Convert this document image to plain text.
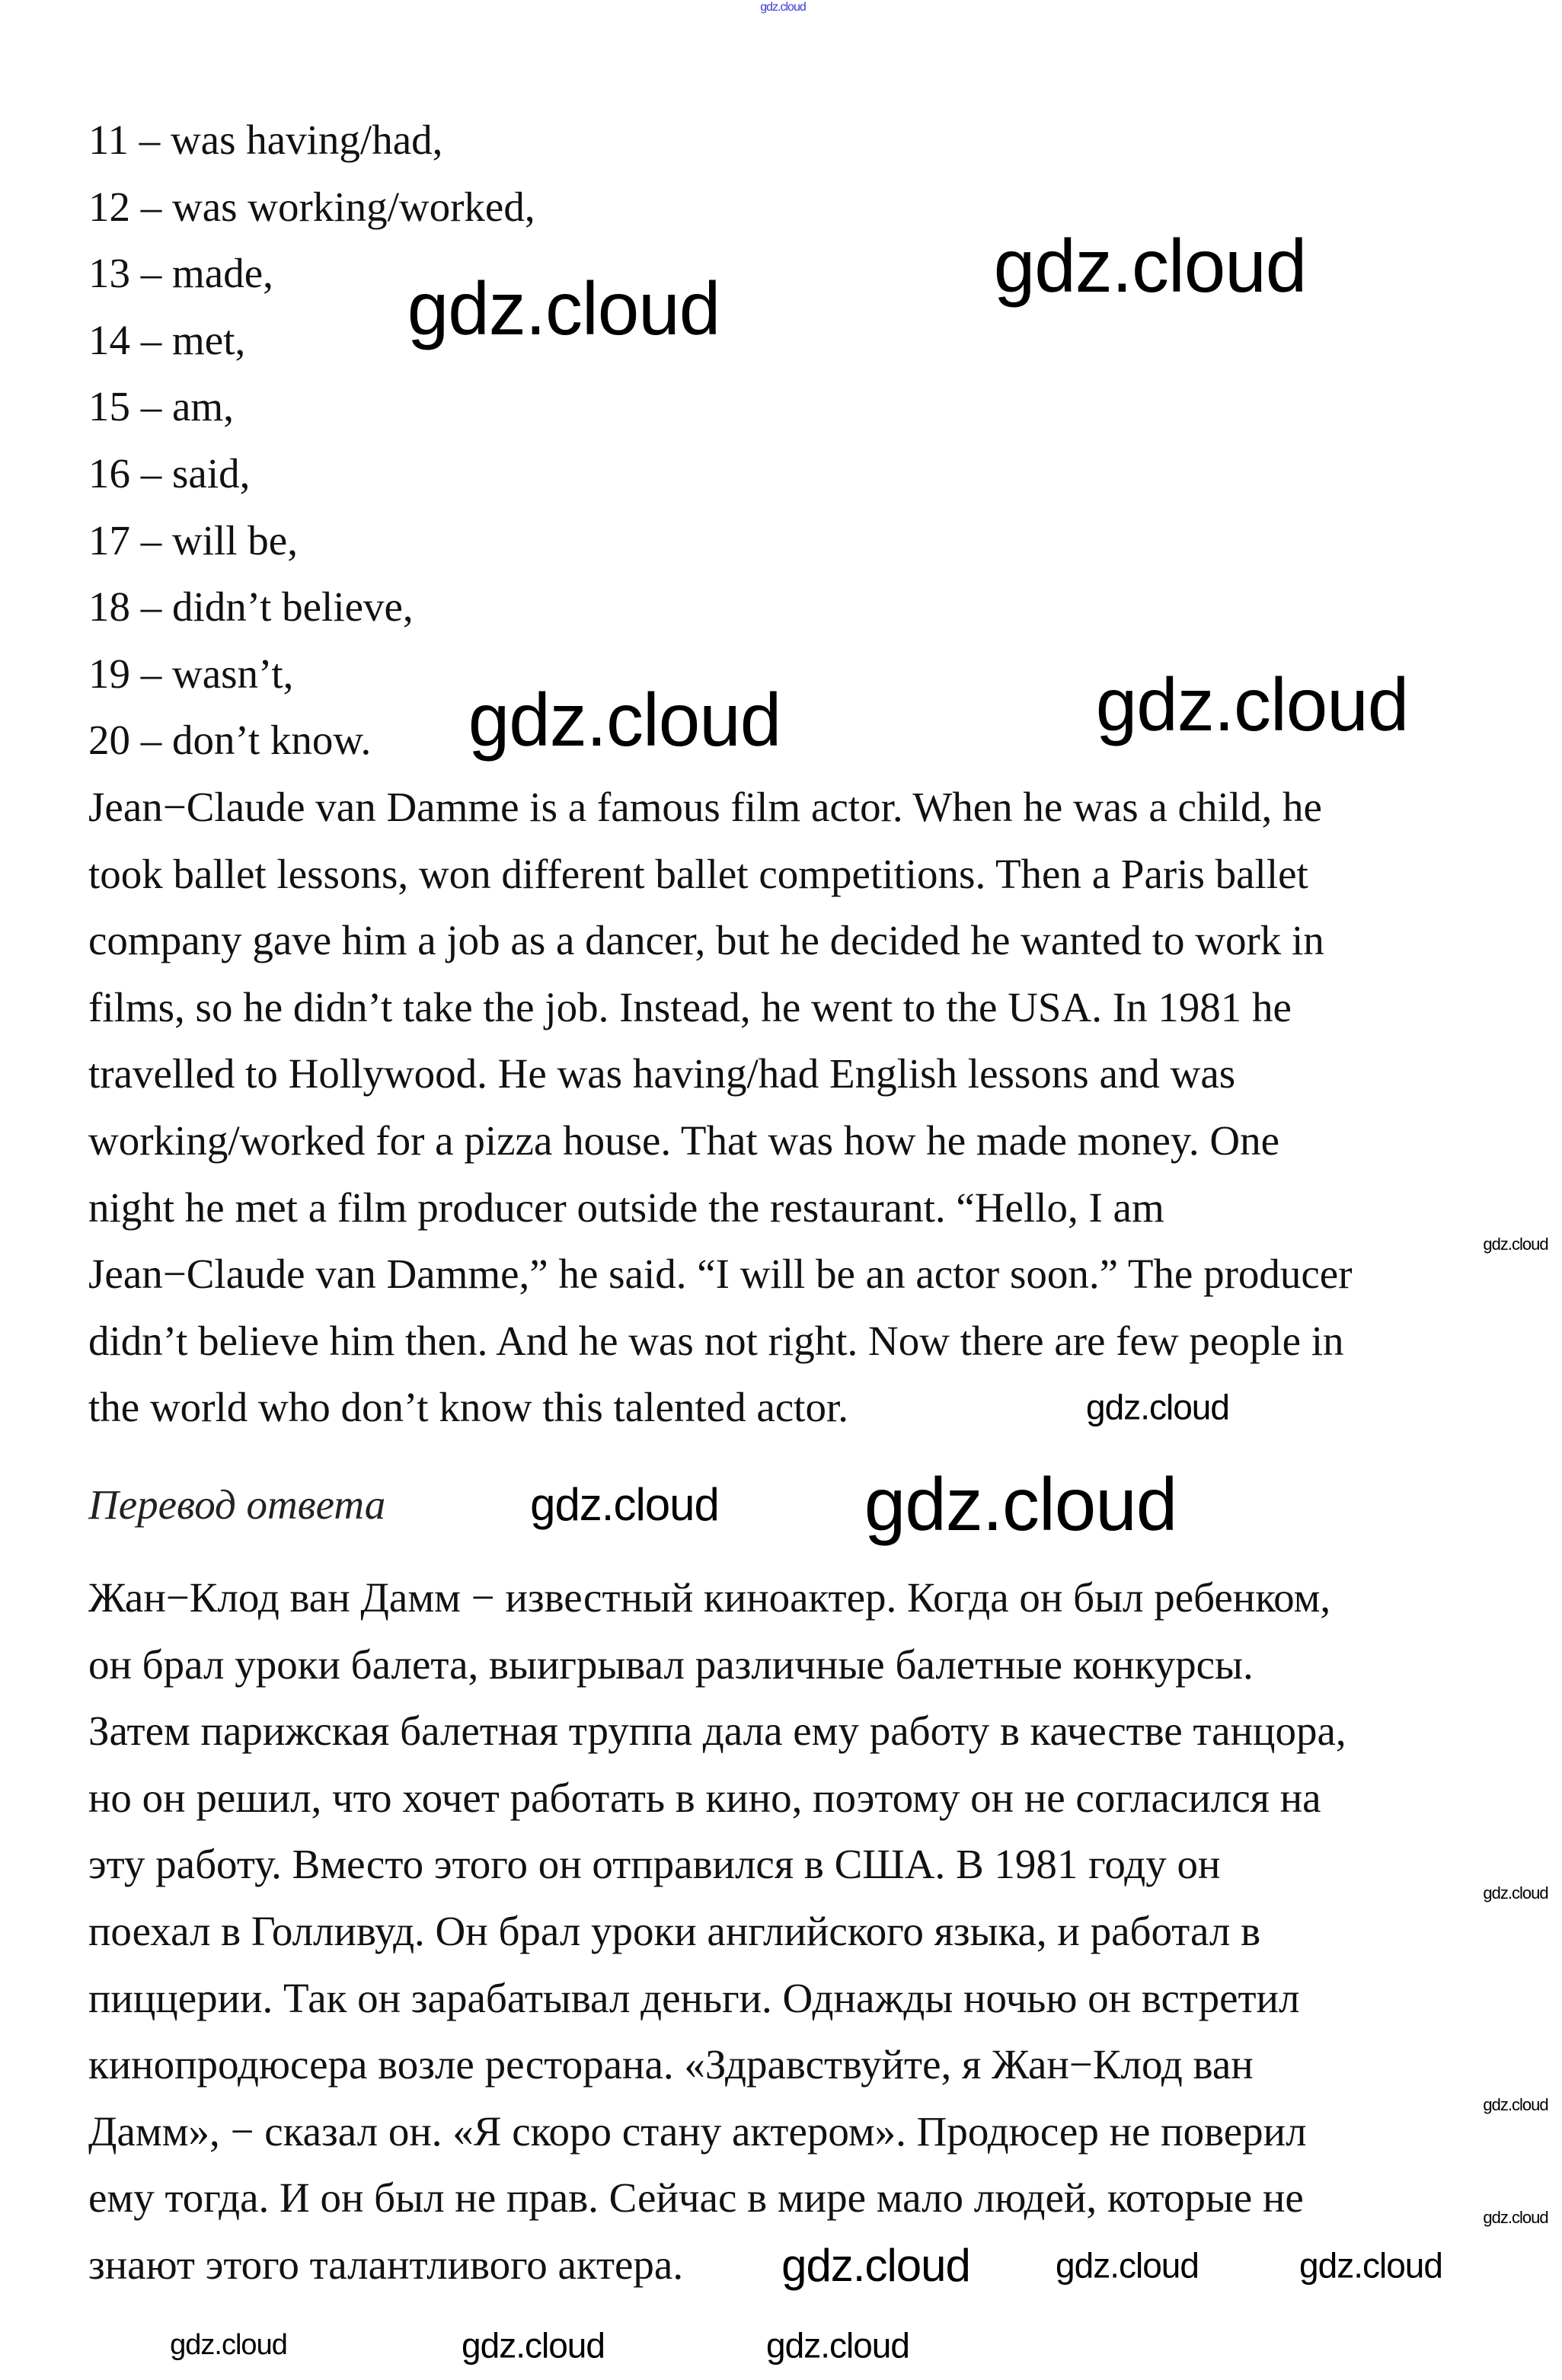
11 – was having/had,
12 – was working/worked,
13 – made,
14 – met,
15 – am,
16 – said,
17 – will be,
18 – didn’t believe,
19 – wasn’t,
20 – don’t know.
Jean−Claude van Damme is a famous film actor. When he was a child, he
took ballet lessons, won different ballet competitions. Then a Paris ballet
company gave him a job as a dancer, but he decided he wanted to work in
films, so he didn’t take the job. Instead, he went to the USA. In 1981 he
travelled to Hollywood. He was having/had English lessons and was
working/worked for a pizza house. That was how he made money. One
night he met a film producer outside the restaurant. “Hello, I am
Jean−Claude van Damme,” he said. “I will be an actor soon.” The producer
didn’t believe him then. And he was not right. Now there are few people in
the world who don’t know this talented actor.
Перевод ответа
Жан−Клод ван Дамм − известный киноактер. Когда он был ребенком,
он брал уроки балета, выигрывал различные балетные конкурсы.
Затем парижская балетная труппа дала ему работу в качестве танцора,
но он решил, что хочет работать в кино, поэтому он не согласился на
эту работу. Вместо этого он отправился в США. В 1981 году он
поехал в Голливуд. Он брал уроки английского языка, и работал в
пиццерии. Так он зарабатывал деньги. Однажды ночью он встретил
кинопродюсера возле ресторана. «Здравствуйте, я Жан−Клод ван
Дамм», − сказал он. «Я скоро стану актером». Продюсер не поверил
ему тогда. И он был не прав. Сейчас в мире мало людей, которые не
знают этого талантливого актера.
gdz.cloud
gdz.cloud
gdz.cloud
gdz.cloud
gdz.cloud
gdz.cloud
gdz.cloud
gdz.cloud
gdz.cloud
gdz.cloud
gdz.cloud
gdz.cloud
gdz.cloud
gdz.cloud
gdz.cloud
gdz.cloud
gdz.cloud
gdz.cloud
